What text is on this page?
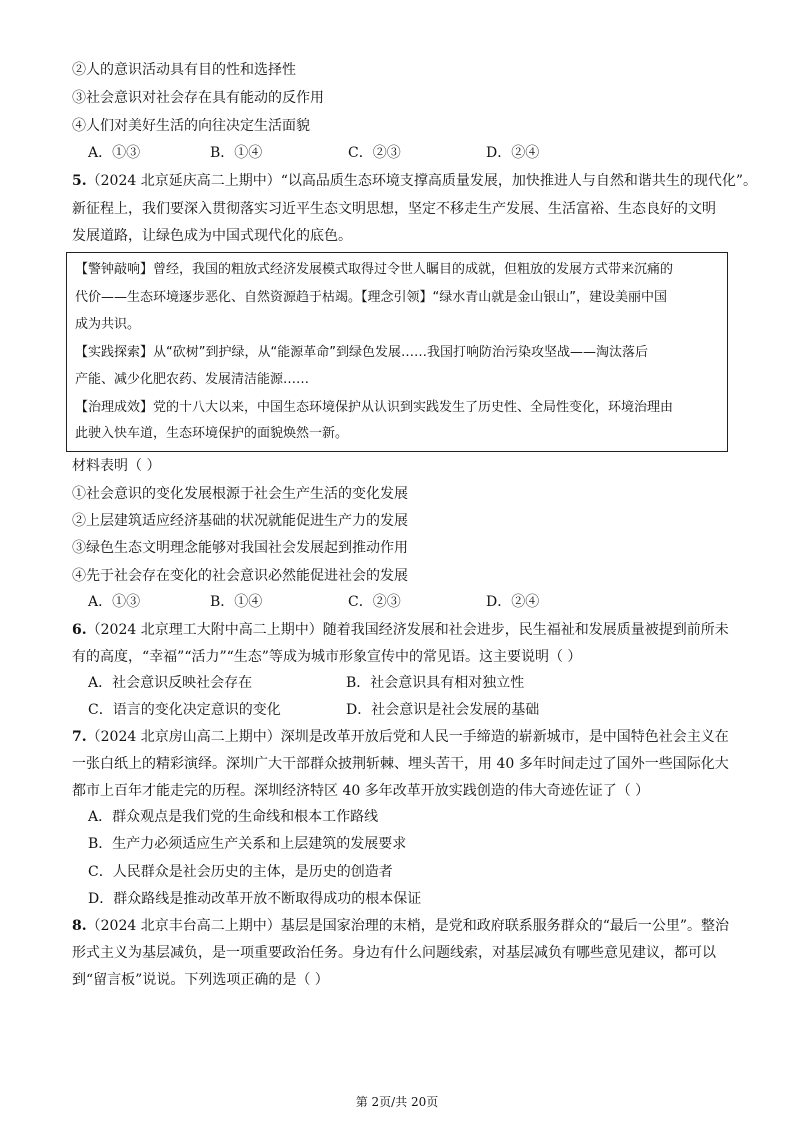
②人的意识活动具有目的性和选择性
③社会意识对社会存在具有能动的反作用
④人们对美好生活的向往决定生活面貌
A．①③	B．①④	C．②③	D．②④
5.（2024 北京延庆高二上期中）“以高品质生态环境支撑高质量发展，加快推进人与自然和谐共生的现代化”。
新征程上，我们要深入贯彻落实习近平生态文明思想，坚定不移走生产发展、生活富裕、生态良好的文明
发展道路，让绿色成为中国式现代化的底色。
【警钟敲响】曾经，我国的粗放式经济发展模式取得过令世人瞩目的成就，但粗放的发展方式带来沉痛的
代价——生态环境逐步恶化、自然资源趋于枯竭。【理念引领】“绿水青山就是金山银山”，建设美丽中国
成为共识。
【实践探索】从“砍树”到护绿，从“能源革命”到绿色发展……我国打响防治污染攻坚战——淘汰落后
产能、减少化肥农药、发展清洁能源……
【治理成效】党的十八大以来，中国生态环境保护从认识到实践发生了历史性、全局性变化，环境治理由
此驶入快车道，生态环境保护的面貌焕然一新。
材料表明（ ）
①社会意识的变化发展根源于社会生产生活的变化发展
②上层建筑适应经济基础的状况就能促进生产力的发展
③绿色生态文明理念能够对我国社会发展起到推动作用
④先于社会存在变化的社会意识必然能促进社会的发展
A．①③	B．①④	C．②③	D．②④
6.（2024 北京理工大附中高二上期中）随着我国经济发展和社会进步，民生福祉和发展质量被提到前所未
有的高度，“幸福”“活力”“生态”等成为城市形象宣传中的常见语。这主要说明（ ）
A．社会意识反映社会存在	B．社会意识具有相对独立性
C．语言的变化决定意识的变化	D．社会意识是社会发展的基础
7.（2024 北京房山高二上期中）深圳是改革开放后党和人民一手缔造的崭新城市，是中国特色社会主义在
一张白纸上的精彩演绎。深圳广大干部群众披荆斩棘、埋头苦干，用 40 多年时间走过了国外一些国际化大
都市上百年才能走完的历程。深圳经济特区 40 多年改革开放实践创造的伟大奇迹佐证了（ ）
A．群众观点是我们党的生命线和根本工作路线
B．生产力必须适应生产关系和上层建筑的发展要求
C．人民群众是社会历史的主体，是历史的创造者
D．群众路线是推动改革开放不断取得成功的根本保证
8.（2024 北京丰台高二上期中）基层是国家治理的末梢，是党和政府联系服务群众的“最后一公里”。整治
形式主义为基层减负，是一项重要政治任务。身边有什么问题线索，对基层减负有哪些意见建议，都可以
到“留言板”说说。下列选项正确的是（ ）
第 2页/共 20页
